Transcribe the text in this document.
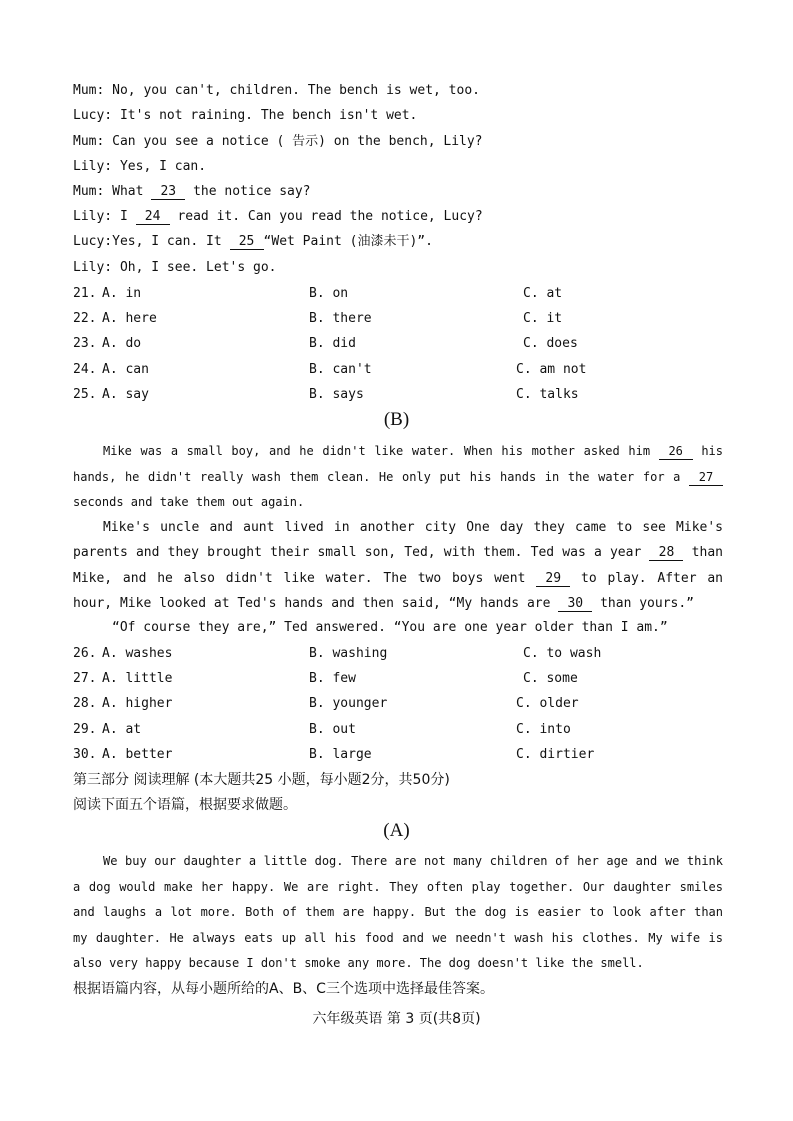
Mum: No, you can't, children. The bench is wet, too.
Lucy: It's not raining. The bench isn't wet.
Mum: Can you see a notice ( 告示) on the bench, Lily?
Lily: Yes, I can.
Mum: What 23 the notice say?
Lily: I 24 read it. Can you read the notice, Lucy?
Lucy:Yes, I can. It 25 “Wet Paint (油漆未干)”.
Lily: Oh, I see. Let's go.
21. A. in	B. on	C. at
22. A. here	B. there	C. it
23. A. do	B. did	C. does
24. A. can	B. can't	C. am not
25. A. say	B. says	C. talks
(B)
Mike was a small boy, and he didn't like water. When his mother asked him 26 his hands, he didn't really wash them clean. He only put his hands in the water for a 27 seconds and take them out again.
Mike's uncle and aunt lived in another city One day they came to see Mike's parents and they brought their small son, Ted, with them. Ted was a year 28 than Mike, and he also didn't like water. The two boys went 29 to play. After an hour, Mike looked at Ted's hands and then said, “My hands are 30 than yours.”
“Of course they are,” Ted answered. “You are one year older than I am.”
26. A. washes	B. washing	C. to wash
27. A. little	B. few	C. some
28. A. higher	B. younger	C. older
29. A. at	B. out	C. into
30. A. better	B. large	C. dirtier
第三部分 阅读理解 (本大题共25 小题，每小题2分，共50分)
阅读下面五个语篇，根据要求做题。
(A)
We buy our daughter a little dog. There are not many children of her age and we think a dog would make her happy. We are right. They often play together. Our daughter smiles and laughs a lot more. Both of them are happy. But the dog is easier to look after than my daughter. He always eats up all his food and we needn't wash his clothes. My wife is also very happy because I don't smoke any more. The dog doesn't like the smell.
根据语篇内容，从每小题所给的A、B、C三个选项中选择最佳答案。
六年级英语 第 3 页(共8页)
